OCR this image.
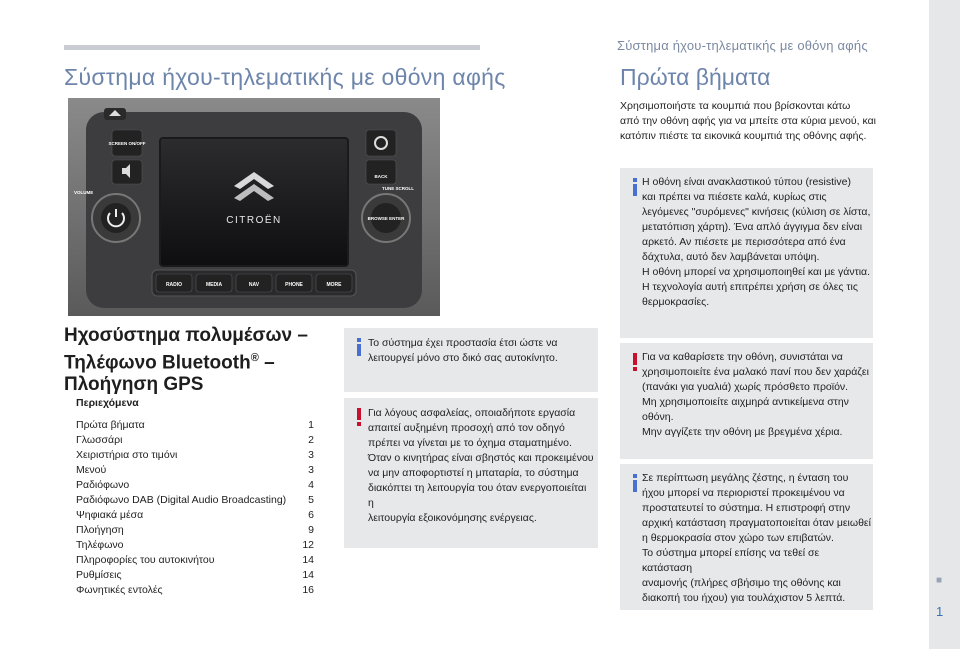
■
1
Σύστημα ήχου-τηλεματικής με οθόνη αφής
Σύστημα ήχου-τηλεματικής με οθόνη αφής
CITROËN
SCREEN ON/OFF
BACK
VOLUME
TUNE SCROLL
BROWSE ENTER
RADIO	MEDIA	NAV	PHONE	MORE
Ηχοσύστημα πολυμέσων – Τηλέφωνο Bluetooth® – Πλοήγηση GPS
Περιεχόμενα
Πρώτα βήματα	1
Γλωσσάρι	2
Χειριστήρια στο τιμόνι	3
Μενού	3
Ραδιόφωνο	4
Ραδιόφωνο DAB (Digital Audio Broadcasting) 5
Ψηφιακά μέσα	6
Πλοήγηση	9
Τηλέφωνο	12
Πληροφορίες του αυτοκινήτου	14
Ρυθμίσεις	14
Φωνητικές εντολές	16
Το σύστημα έχει προστασία έτσι ώστε να
λειτουργεί μόνο στο δικό σας αυτοκίνητο.
Για λόγους ασφαλείας, οποιαδήποτε εργασία
απαιτεί αυξημένη προσοχή από τον οδηγό
πρέπει να γίνεται με το όχημα σταματημένο.
Όταν ο κινητήρας είναι σβηστός και προκειμένου
να μην αποφορτιστεί η μπαταρία, το σύστημα
διακόπτει τη λειτουργία του όταν ενεργοποιείται η
λειτουργία εξοικονόμησης ενέργειας.
Πρώτα βήματα
Χρησιμοποιήστε τα κουμπιά που βρίσκονται κάτω
από την οθόνη αφής για να μπείτε στα κύρια μενού, και
κατόπιν πιέστε τα εικονικά κουμπιά της οθόνης αφής.
Η οθόνη είναι ανακλαστικού τύπου (resistive)
και πρέπει να πιέσετε καλά, κυρίως στις
λεγόμενες "συρόμενες" κινήσεις (κύλιση σε λίστα,
μετατόπιση χάρτη). Ένα απλό άγγιγμα δεν είναι
αρκετό. Αν πιέσετε με περισσότερα από ένα
δάχτυλα, αυτό δεν λαμβάνεται υπόψη.
Η οθόνη μπορεί να χρησιμοποιηθεί και με γάντια.
Η τεχνολογία αυτή επιτρέπει χρήση σε όλες τις
θερμοκρασίες.
Για να καθαρίσετε την οθόνη, συνιστάται να
χρησιμοποιείτε ένα μαλακό πανί που δεν χαράζει
(πανάκι για γυαλιά) χωρίς πρόσθετο προϊόν.
Μη χρησιμοποιείτε αιχμηρά αντικείμενα στην
οθόνη.
Μην αγγίζετε την οθόνη με βρεγμένα χέρια.
Σε περίπτωση μεγάλης ζέστης, η ένταση του
ήχου μπορεί να περιοριστεί προκειμένου να
προστατευτεί το σύστημα. Η επιστροφή στην
αρχική κατάσταση πραγματοποιείται όταν μειωθεί
η θερμοκρασία στον χώρο των επιβατών.
Το σύστημα μπορεί επίσης να τεθεί σε κατάσταση
αναμονής (πλήρες σβήσιμο της οθόνης και
διακοπή του ήχου) για τουλάχιστον 5 λεπτά.
